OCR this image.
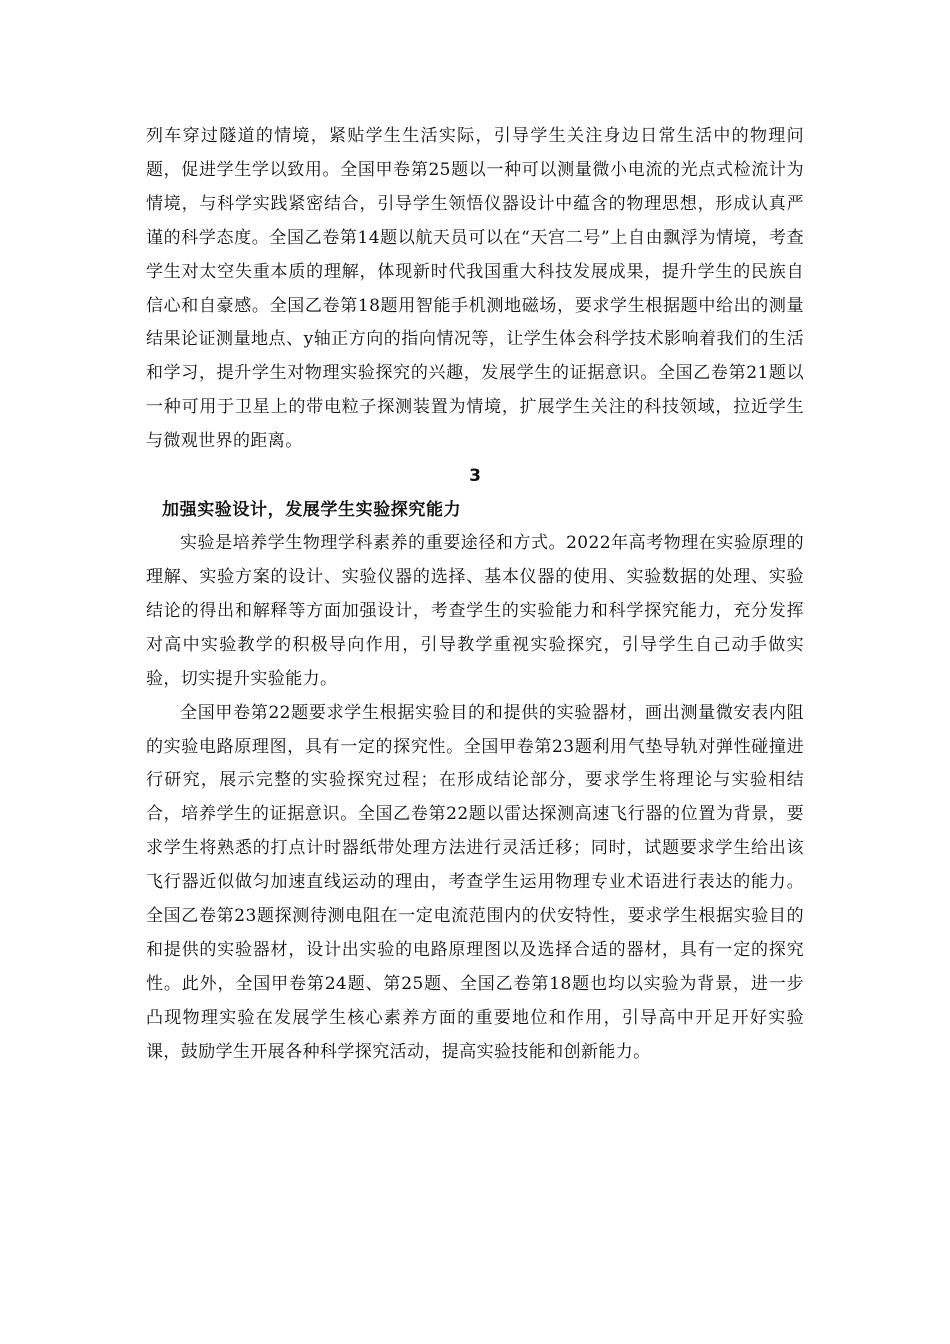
列车穿过隧道的情境，紧贴学生生活实际，引导学生关注身边日常生活中的物理问题，促进学生学以致用。全国甲卷第25题以一种可以测量微小电流的光点式检流计为情境，与科学实践紧密结合，引导学生领悟仪器设计中蕴含的物理思想，形成认真严谨的科学态度。全国乙卷第14题以航天员可以在“天宫二号”上自由飘浮为情境，考查学生对太空失重本质的理解，体现新时代我国重大科技发展成果，提升学生的民族自信心和自豪感。全国乙卷第18题用智能手机测地磁场，要求学生根据题中给出的测量结果论证测量地点、y轴正方向的指向情况等，让学生体会科学技术影响着我们的生活和学习，提升学生对物理实验探究的兴趣，发展学生的证据意识。全国乙卷第21题以一种可用于卫星上的带电粒子探测装置为情境，扩展学生关注的科技领域，拉近学生与微观世界的距离。

3

加强实验设计，发展学生实验探究能力

实验是培养学生物理学科素养的重要途径和方式。2022年高考物理在实验原理的理解、实验方案的设计、实验仪器的选择、基本仪器的使用、实验数据的处理、实验结论的得出和解释等方面加强设计，考查学生的实验能力和科学探究能力，充分发挥对高中实验教学的积极导向作用，引导教学重视实验探究，引导学生自己动手做实验，切实提升实验能力。

全国甲卷第22题要求学生根据实验目的和提供的实验器材，画出测量微安表内阻的实验电路原理图，具有一定的探究性。全国甲卷第23题利用气垫导轨对弹性碰撞进行研究，展示完整的实验探究过程；在形成结论部分，要求学生将理论与实验相结合，培养学生的证据意识。全国乙卷第22题以雷达探测高速飞行器的位置为背景，要求学生将熟悉的打点计时器纸带处理方法进行灵活迁移；同时，试题要求学生给出该飞行器近似做匀加速直线运动的理由，考查学生运用物理专业术语进行表达的能力。全国乙卷第23题探测待测电阻在一定电流范围内的伏安特性，要求学生根据实验目的和提供的实验器材，设计出实验的电路原理图以及选择合适的器材，具有一定的探究性。此外，全国甲卷第24题、第25题、全国乙卷第18题也均以实验为背景，进一步凸现物理实验在发展学生核心素养方面的重要地位和作用，引导高中开足开好实验课，鼓励学生开展各种科学探究活动，提高实验技能和创新能力。
